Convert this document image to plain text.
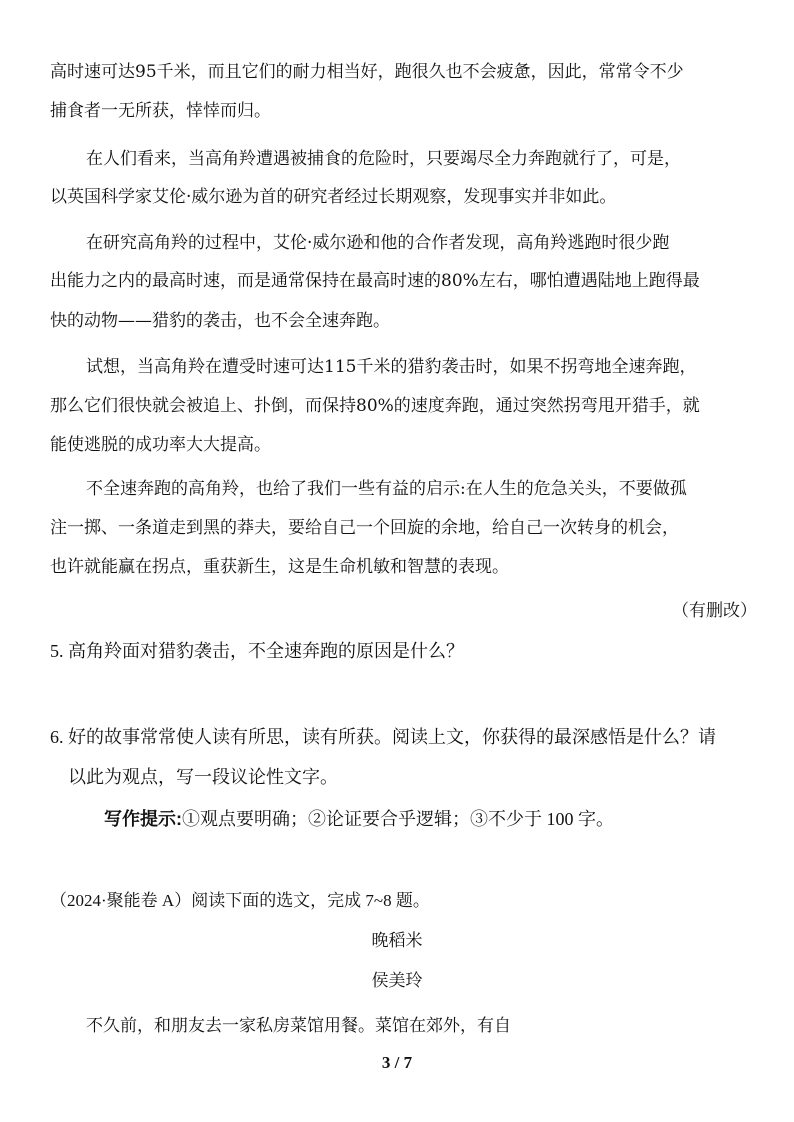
高时速可达95千米，而且它们的耐力相当好，跑很久也不会疲惫，因此，常常令不少
捕食者一无所获，悻悻而归。
在人们看来，当高角羚遭遇被捕食的危险时，只要竭尽全力奔跑就行了，可是，
以英国科学家艾伦·威尔逊为首的研究者经过长期观察，发现事实并非如此。
在研究高角羚的过程中，艾伦·威尔逊和他的合作者发现，高角羚逃跑时很少跑
出能力之内的最高时速，而是通常保持在最高时速的80%左右，哪怕遭遇陆地上跑得最
快的动物——猎豹的袭击，也不会全速奔跑。
试想，当高角羚在遭受时速可达115千米的猎豹袭击时，如果不拐弯地全速奔跑，
那么它们很快就会被追上、扑倒，而保持80%的速度奔跑，通过突然拐弯甩开猎手，就
能使逃脱的成功率大大提高。
不全速奔跑的高角羚，也给了我们一些有益的启示:在人生的危急关头，不要做孤
注一掷、一条道走到黑的莽夫，要给自己一个回旋的余地，给自己一次转身的机会，
也许就能赢在拐点，重获新生，这是生命机敏和智慧的表现。
（有删改）
5. 高角羚面对猎豹袭击，不全速奔跑的原因是什么？
6. 好的故事常常使人读有所思，读有所获。阅读上文，你获得的最深感悟是什么？请
以此为观点，写一段议论性文字。
写作提示:①观点要明确；②论证要合乎逻辑；③不少于 100 字。
（2024·聚能卷 A）阅读下面的选文，完成 7~8 题。
晚稻米
侯美玲
不久前，和朋友去一家私房菜馆用餐。菜馆在郊外，有自
3 / 7
